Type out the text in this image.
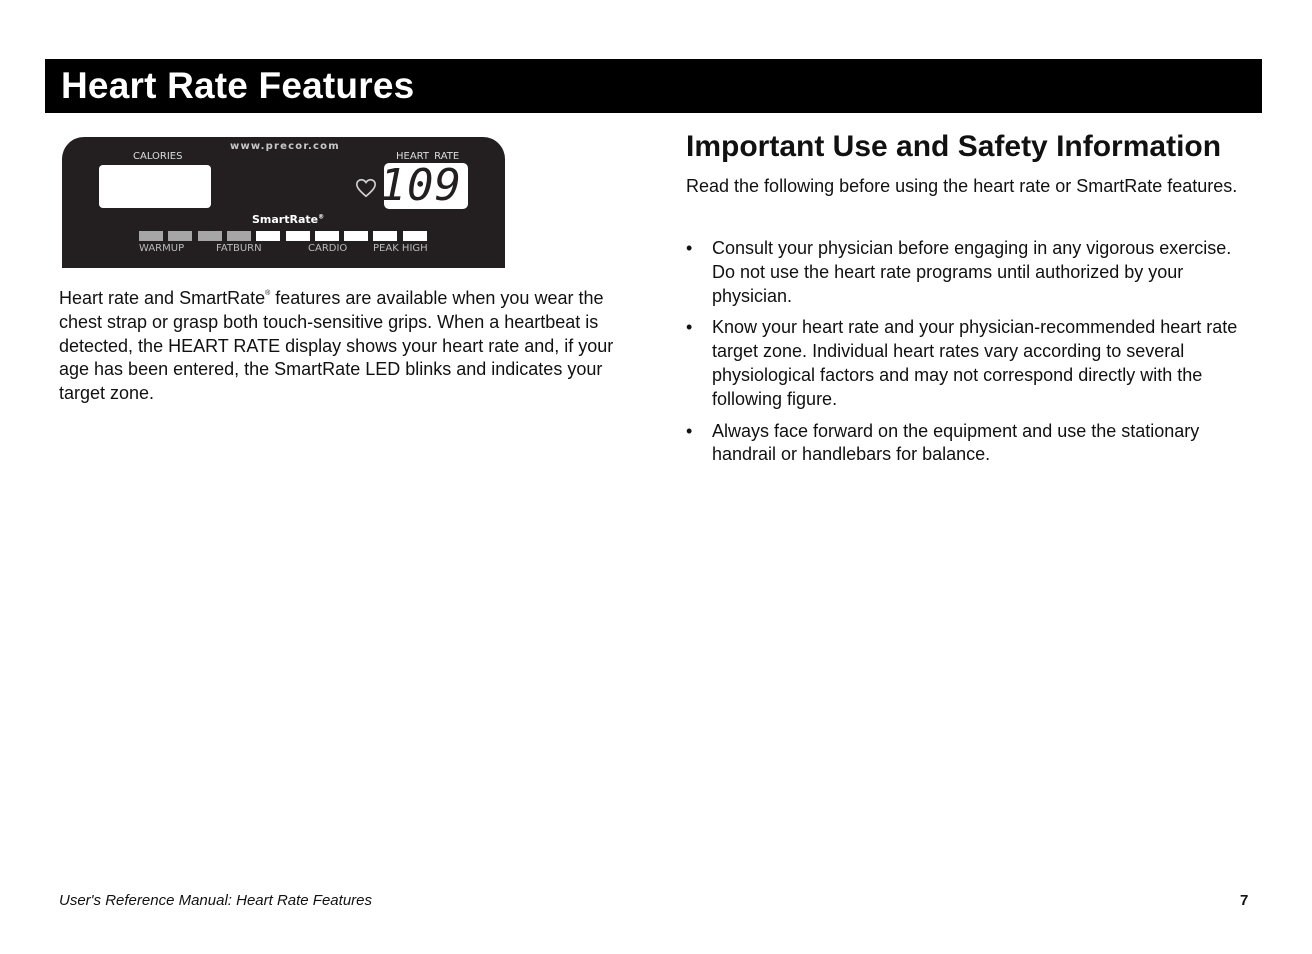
Heart Rate Features
www.precor.com
CALORIES	HEART RATE
109
SmartRate®
WARMUP	FATBURN	CARDIO	PEAK HIGH

Heart rate and SmartRate® features are available when you wear the chest strap or grasp both touch-sensitive grips. When a heartbeat is detected, the HEART RATE display shows your heart rate and, if your age has been entered, the SmartRate LED blinks and indicates your target zone.

Important Use and Safety Information

Read the following before using the heart rate or SmartRate features.

• Consult your physician before engaging in any vigorous exercise. Do not use the heart rate programs until authorized by your physician.
• Know your heart rate and your physician-recommended heart rate target zone. Individual heart rates vary according to several physiological factors and may not correspond directly with the following figure.
• Always face forward on the equipment and use the stationary handrail or handlebars for balance.
User's Reference Manual: Heart Rate Features	7
